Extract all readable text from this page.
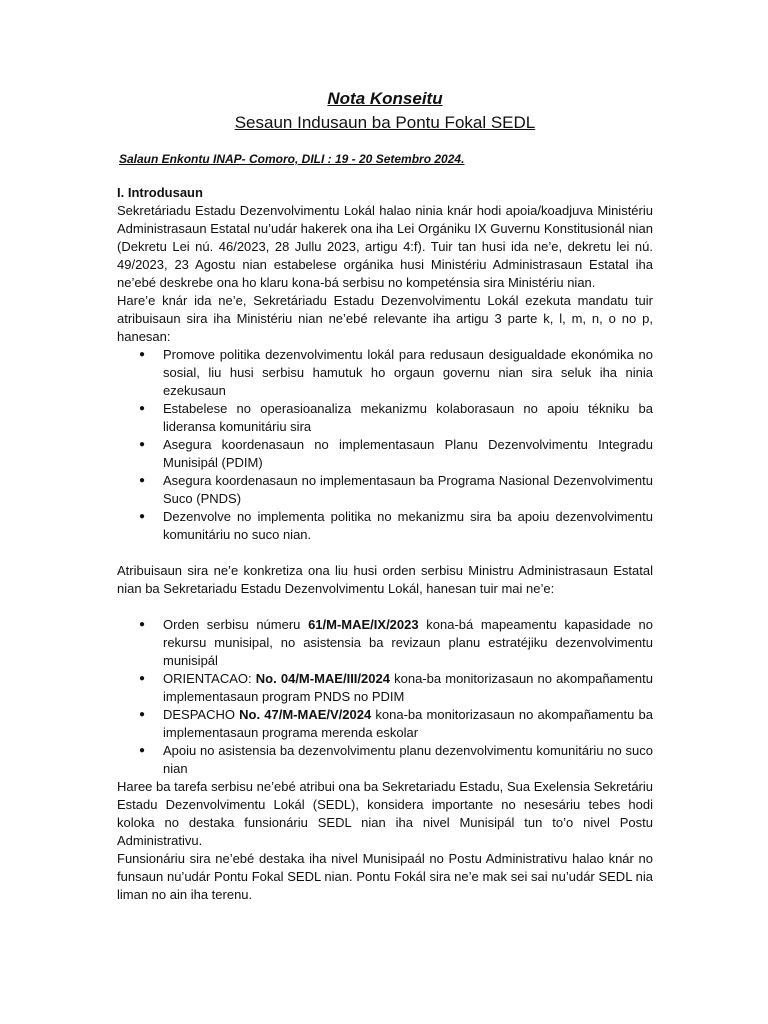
Nota Konseitu
Sesaun Indusaun ba Pontu Fokal SEDL
Salaun Enkontu INAP- Comoro, DILI : 19 - 20 Setembro 2024.
I. Introdusaun

Sekretáriadu Estadu Dezenvolvimentu Lokál halao ninia knár hodi apoia/koadjuva Ministériu Administrasaun Estatal nu’udár hakerek ona iha Lei Orgániku IX Guvernu Konstitusionál nian (Dekretu Lei nú. 46/2023, 28 Jullu 2023, artigu 4:f). Tuir tan husi ida ne’e, dekretu lei nú. 49/2023, 23 Agostu nian estabelese orgánika husi Ministériu Administrasaun Estatal iha ne’ebé deskrebe ona ho klaru kona-bá serbisu no kompeténsia sira Ministériu nian.

Hare’e knár ida ne’e, Sekretáriadu Estadu Dezenvolvimentu Lokál ezekuta mandatu tuir atribuisaun sira iha Ministériu nian ne’ebé relevante iha artigu 3 parte k, l, m, n, o no p, hanesan:

● Promove politika dezenvolvimentu lokál para redusaun desigualdade ekonómika no sosial, liu husi serbisu hamutuk ho orgaun governu nian sira seluk iha ninia ezekusaun
● Estabelese no operasioanaliza mekanizmu kolaborasaun no apoiu tékniku ba lideransa komunitáriu sira
● Asegura koordenasaun no implementasaun Planu Dezenvolvimentu Integradu Munisipál (PDIM)
● Asegura koordenasaun no implementasaun ba Programa Nasional Dezenvolvimentu Suco (PNDS)
● Dezenvolve no implementa politika no mekanizmu sira ba apoiu dezenvolvimentu komunitáriu no suco nian.

Atribuisaun sira ne’e konkretiza ona liu husi orden serbisu Ministru Administrasaun Estatal nian ba Sekretariadu Estadu Dezenvolvimentu Lokál, hanesan tuir mai ne’e:

● Orden serbisu númeru 61/M-MAE/IX/2023 kona-bá mapeamentu kapasidade no rekursu munisipal, no asistensia ba revizaun planu estratéjiku dezenvolvimentu munisipál
● ORIENTACAO: No. 04/M-MAE/III/2024 kona-ba monitorizasaun no akompañamentu implementasaun program PNDS no PDIM
● DESPACHO No. 47/M-MAE/V/2024 kona-ba monitorizasaun no akompañamentu ba implementasaun programa merenda eskolar
● Apoiu no asistensia ba dezenvolvimentu planu dezenvolvimentu komunitáriu no suco nian

Haree ba tarefa serbisu ne’ebé atribui ona ba Sekretariadu Estadu, Sua Exelensia Sekretáriu Estadu Dezenvolvimentu Lokál (SEDL), konsidera importante no nesesáriu tebes hodi koloka no destaka funsionáriu SEDL nian iha nivel Munisipál tun to’o nivel Postu Administrativu.

Funsionáriu sira ne’ebé destaka iha nivel Munisipaál no Postu Administrativu halao knár no funsaun nu’udár Pontu Fokal SEDL nian. Pontu Fokál sira ne’e mak sei sai nu’udár SEDL nia liman no ain iha terenu.
